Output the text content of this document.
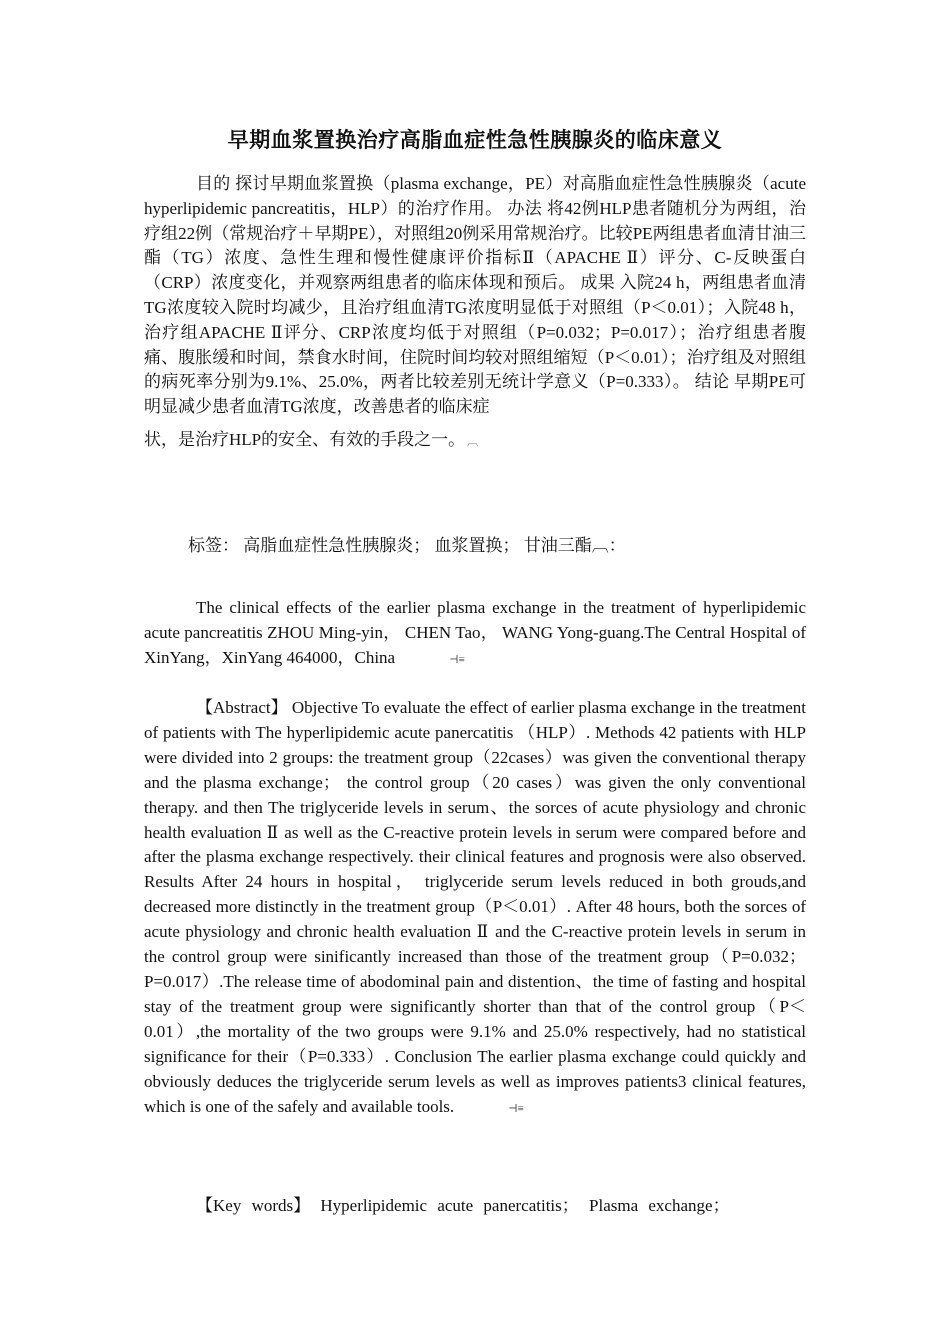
早期血浆置换治疗高脂血症性急性胰腺炎的临床意义
目的 探讨早期血浆置换（plasma exchange，PE）对高脂血症性急性胰腺炎（acute hyperlipidemic pancreatitis，HLP）的治疗作用。 办法 将42例HLP患者随机分为两组，治疗组22例（常规治疗＋早期PE），对照组20例采用常规治疗。比较PE两组患者血清甘油三酯（TG）浓度、急性生理和慢性健康评价指标Ⅱ（APACHE Ⅱ）评分、C-反映蛋白（CRP）浓度变化，并观察两组患者的临床体现和预后。 成果 入院24 h，两组患者血清TG浓度较入院时均减少，且治疗组血清TG浓度明显低于对照组（P＜0.01）；入院48 h，治疗组APACHE Ⅱ评分、CRP浓度均低于对照组（P=0.032；P=0.017）；治疗组患者腹痛、腹胀缓和时间，禁食水时间，住院时间均较对照组缩短（P＜0.01）；治疗组及对照组的病死率分别为9.1%、25.0%，两者比较差别无统计学意义（P=0.333）。 结论 早期PE可明显减少患者血清TG浓度，改善患者的临床症
状，是治疗HLP的安全、有效的手段之一。 ︹
标签： 高脂血症性急性胰腺炎； 血浆置换； 甘油三酯︹：
The clinical effects of the earlier plasma exchange in the treatment of hyperlipidemic acute pancreatitis ZHOU Ming-yin， CHEN Tao， WANG Yong-guang.The Central Hospital of XinYang，XinYang 464000，China	⊣≡
【Abstract】 Objective To evaluate the effect of earlier plasma exchange in the treatment of patients with The hyperlipidemic acute panercatitis （HLP）. Methods 42 patients with HLP were divided into 2 groups: the treatment group（22cases）was given the conventional therapy and the plasma exchange； the control group（20 cases）was given the only conventional therapy. and then The triglyceride levels in serum、the sorces of acute physiology and chronic health evaluation Ⅱ as well as the C-reactive protein levels in serum were compared before and after the plasma exchange respectively. their clinical features and prognosis were also observed. Results After 24 hours in hospital， triglyceride serum levels reduced in both grouds,and decreased more distinctly in the treatment group（P＜0.01）. After 48 hours, both the sorces of acute physiology and chronic health evaluation Ⅱ and the C-reactive protein levels in serum in the control group were sinificantly increased than those of the treatment group（P=0.032；P=0.017）.The release time of abodominal pain and distention、the time of fasting and hospital stay of the treatment group were significantly shorter than that of the control group（P＜0.01）,the mortality of the two groups were 9.1% and 25.0% respectively, had no statistical significance for their（P=0.333）. Conclusion The earlier plasma exchange could quickly and obviously deduces the triglyceride serum levels as well as improves patients3 clinical features, which is one of the safely and available tools.	⊣≡
【Key words】 Hyperlipidemic acute panercatitis； Plasma exchange；
